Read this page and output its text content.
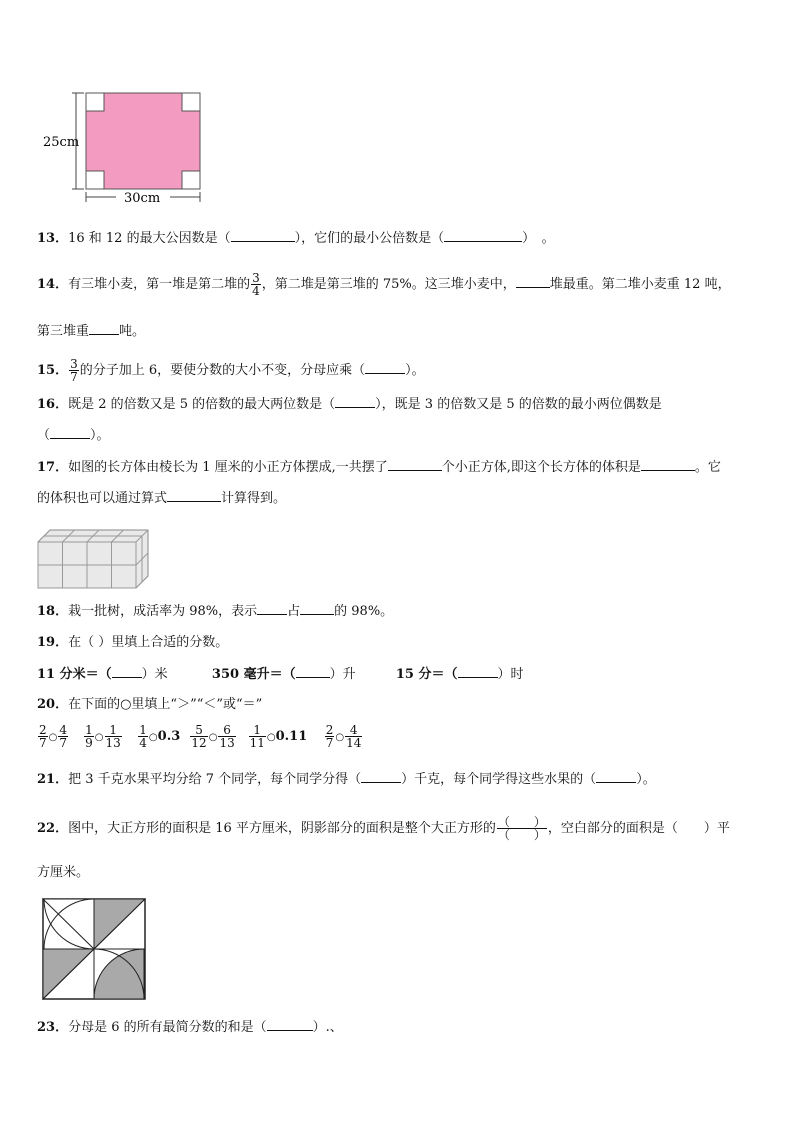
25cm
30cm
13．16 和 12 的最大公因数是（	），它们的最小公倍数是（	）　。
14．有三堆小麦，第一堆是第二堆的 $\frac{3}{4}$ ，第二堆是第三堆的 75%。这三堆小麦中，	堆最重。第二堆小麦重 12 吨，
第三堆重 吨。
15． $\frac{3}{7}$ 的分子加上 6，要使分数的大小不变，分母应乘（	）。
16．既是 2 的倍数又是 5 的倍数的最大两位数是（	），既是 3 的倍数又是 5 的倍数的最小两位偶数是
（	）。
17．如图的长方体由棱长为 1 厘米的小正方体摆成,一共摆了	个小正方体,即这个长方体的体积是	。它
的体积也可以通过算式	计算得到。
18．栽一批树，成活率为 98%，表示 占	的 98%。
19．在（ ）里填上合适的分数。
11 分米＝（ ）米	350 毫升＝（	）升	15 分＝（	）时
20．在下面的○里填上“＞”“＜”或“＝”
$\frac{2}{7}$ ○ $\frac{4}{7}$
$\frac{1}{9}$ ○ $\frac{1}{13}$
$\frac{1}{4}$ ○0.3 $\frac{5}{12}$ ○ $\frac{6}{13}$
$\frac{1}{11}$ ○0.11 $\frac{2}{7}$ ○ $\frac{4}{14}$
21．把 3 千克水果平均分给 7 个同学，每个同学分得（	）千克，每个同学得这些水果的（	）。
22．图中，大正方形的面积是 16 平方厘米，阴影部分的面积是整个大正方形的 $\frac{( )}{( )}$ ，空白部分的面积是（　　）平
方厘米。
23．分母是 6 的所有最简分数的和是（	）.、
